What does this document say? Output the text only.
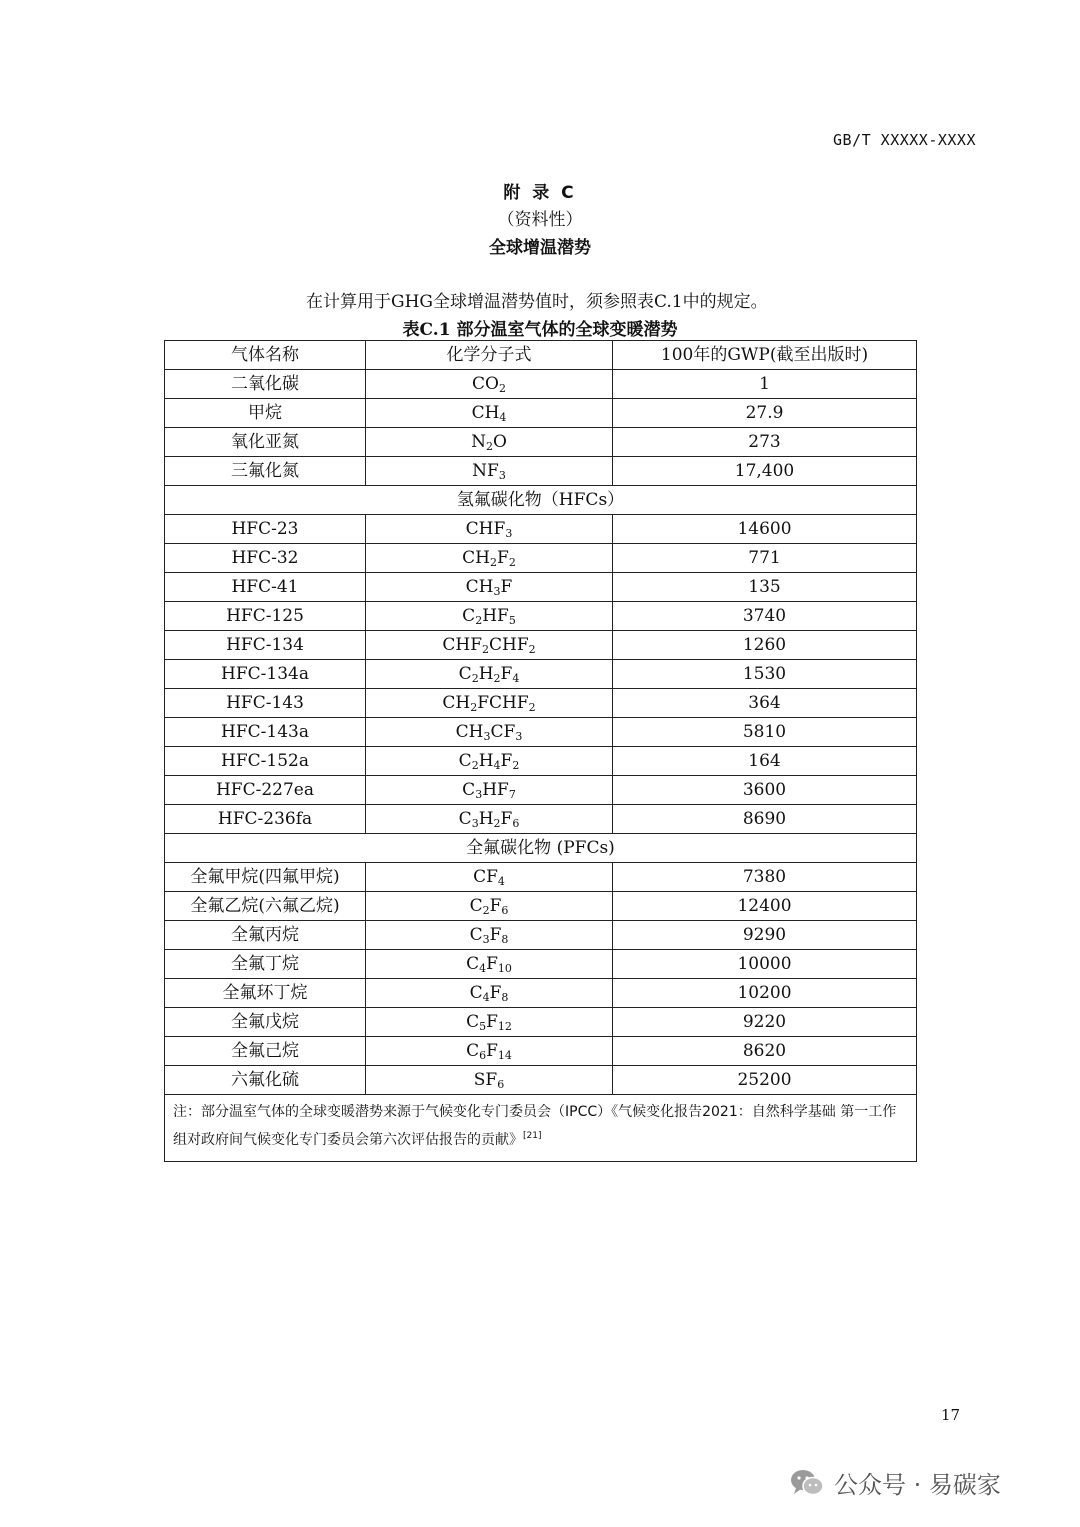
GB/T XXXXX-XXXX
附 录 C
（资料性）
全球增温潜势
在计算用于GHG全球增温潜势值时，须参照表C.1中的规定。
表C.1 部分温室气体的全球变暖潜势
气体名称	化学分子式	100年的GWP(截至出版时)
二氧化碳	$CO_2$	1
甲烷	$CH_4$	27.9
氧化亚氮	$N_2O$	273
三氟化氮	$NF_3$	17,400
氢氟碳化物（HFCs）		
HFC-23	$CHF_3$	14600
HFC-32	$CH_2F_2$	771
HFC-41	$CH_3F$	135
HFC-125	$C_2HF_5$	3740
HFC-134	$CHF_2CHF_2$	1260
HFC-134a	$C_2H_2F_4$	1530
HFC-143	$CH_2FCHF_2$	364
HFC-143a	$CH_3CF_3$	5810
HFC-152a	$C_2H_4F_2$	164
HFC-227ea	$C_3HF_7$	3600
HFC-236fa	$C_3H_2F_6$	8690
全氟碳化物 (PFCs)		
全氟甲烷(四氟甲烷)	$CF_4$	7380
全氟乙烷(六氟乙烷)	$C_2F_6$	12400
全氟丙烷	$C_3F_8$	9290
全氟丁烷	$C_4F_{10}$	10000
全氟环丁烷	$C_4F_8$	10200
全氟戊烷	$C_5F_{12}$	9220
全氟己烷	$C_6F_{14}$	8620
六氟化硫	$SF_6$	25200
注：部分温室气体的全球变暖潜势来源于气候变化专门委员会（IPCC）《气候变化报告2021：自然科学基础 第一工作组对政府间气候变化专门委员会第六次评估报告的贡献》[21]
17
公众号 · 易碳家
